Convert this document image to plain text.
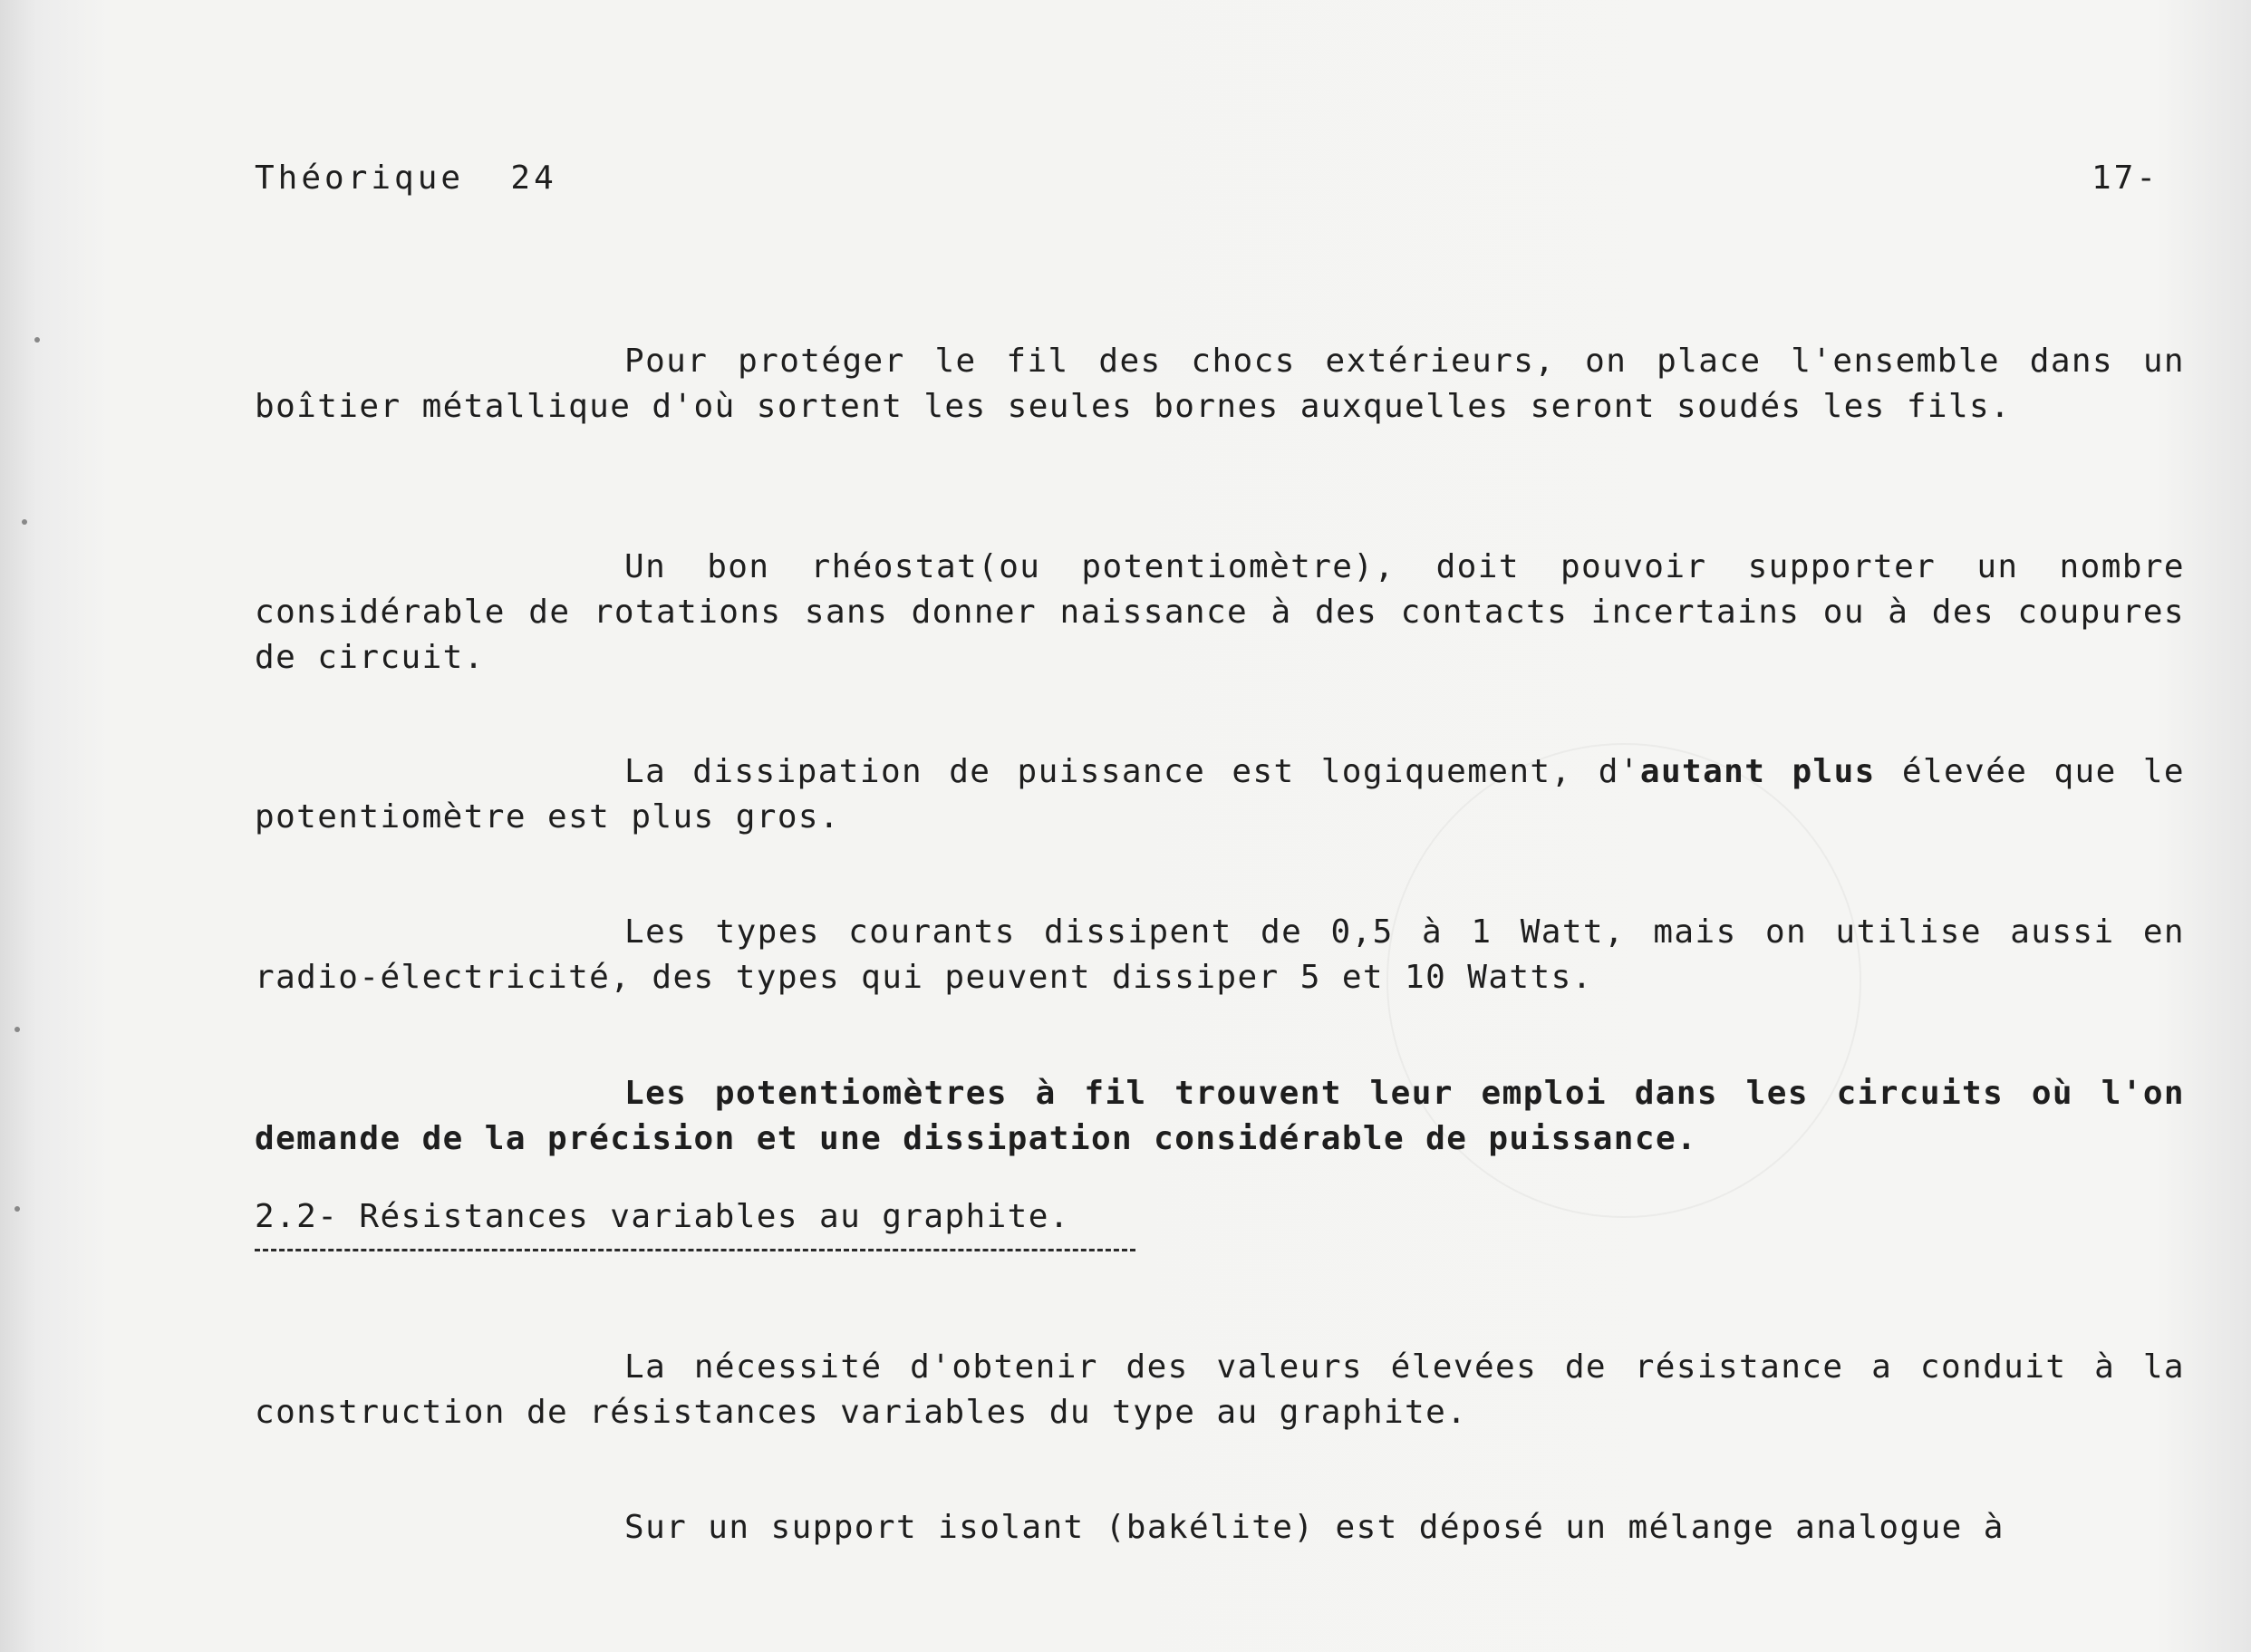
Théorique  24	17-

Pour protéger le fil des chocs extérieurs, on place l'ensemble dans un boîtier métallique d'où sortent les seules bornes auxquelles seront soudés les fils.

Un bon rhéostat(ou potentiomètre), doit pouvoir supporter un nombre considérable de rotations sans donner naissance à des contacts incertains ou à des coupures de circuit.

La dissipation de puissance est logiquement, d'autant plus élevée que le potentiomètre est plus gros.

Les types courants dissipent de 0,5 à 1 Watt, mais on utilise aussi en radio-électricité, des types qui peuvent dissiper 5 et 10 Watts.

Les potentiomètres à fil trouvent leur emploi dans les circuits où l'on demande de la précision et une dissipation considérable de puissance.

2.2- Résistances variables au graphite.

La nécessité d'obtenir des valeurs élevées de résistance a conduit à la construction de résistances variables du type au graphite.

Sur un support isolant (bakélite) est déposé un mélange analogue à
